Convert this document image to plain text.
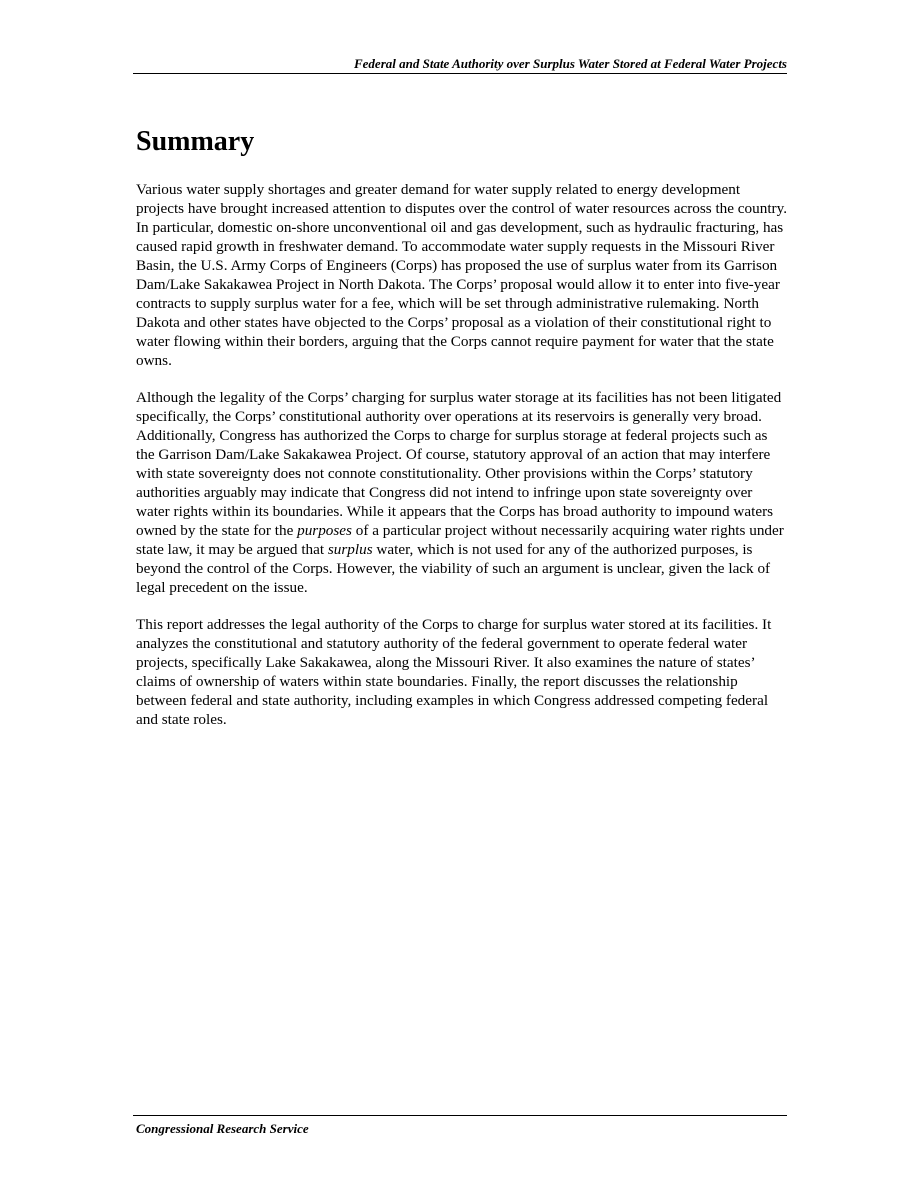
Federal and State Authority over Surplus Water Stored at Federal Water Projects
Summary

Various water supply shortages and greater demand for water supply related to energy development projects have brought increased attention to disputes over the control of water resources across the country. In particular, domestic on-shore unconventional oil and gas development, such as hydraulic fracturing, has caused rapid growth in freshwater demand. To accommodate water supply requests in the Missouri River Basin, the U.S. Army Corps of Engineers (Corps) has proposed the use of surplus water from its Garrison Dam/Lake Sakakawea Project in North Dakota. The Corps’ proposal would allow it to enter into five-year contracts to supply surplus water for a fee, which will be set through administrative rulemaking. North Dakota and other states have objected to the Corps’ proposal as a violation of their constitutional right to water flowing within their borders, arguing that the Corps cannot require payment for water that the state owns.

Although the legality of the Corps’ charging for surplus water storage at its facilities has not been litigated specifically, the Corps’ constitutional authority over operations at its reservoirs is generally very broad. Additionally, Congress has authorized the Corps to charge for surplus storage at federal projects such as the Garrison Dam/Lake Sakakawea Project. Of course, statutory approval of an action that may interfere with state sovereignty does not connote constitutionality. Other provisions within the Corps’ statutory authorities arguably may indicate that Congress did not intend to infringe upon state sovereignty over water rights within its boundaries. While it appears that the Corps has broad authority to impound waters owned by the state for the purposes of a particular project without necessarily acquiring water rights under state law, it may be argued that surplus water, which is not used for any of the authorized purposes, is beyond the control of the Corps. However, the viability of such an argument is unclear, given the lack of legal precedent on the issue.

This report addresses the legal authority of the Corps to charge for surplus water stored at its facilities. It analyzes the constitutional and statutory authority of the federal government to operate federal water projects, specifically Lake Sakakawea, along the Missouri River. It also examines the nature of states’ claims of ownership of waters within state boundaries. Finally, the report discusses the relationship between federal and state authority, including examples in which Congress addressed competing federal and state roles.

Congressional Research Service
